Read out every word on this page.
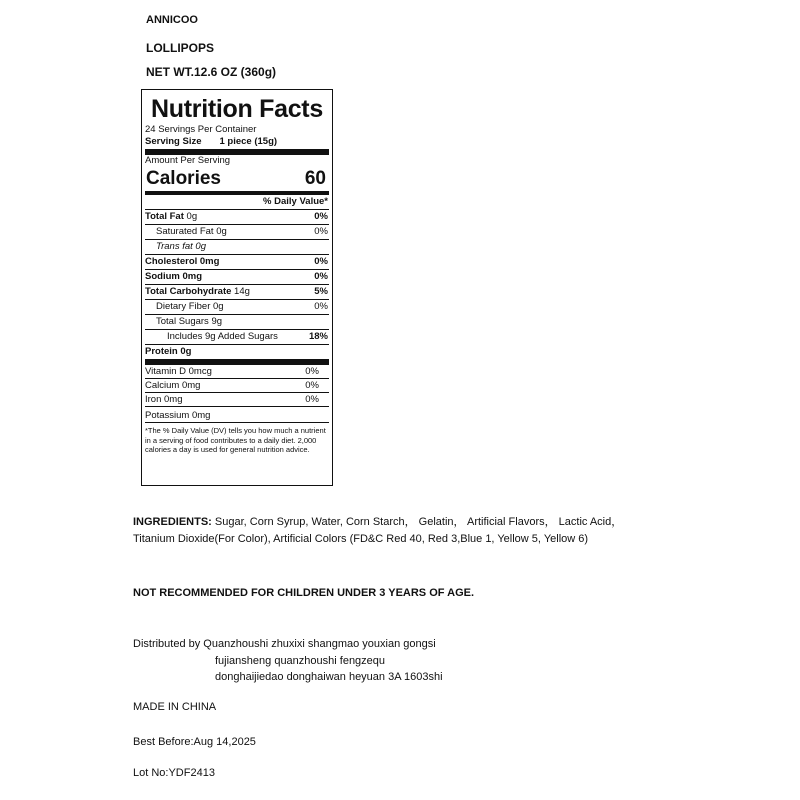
ANNICOO
LOLLIPOPS
NET WT.12.6 OZ (360g)
Nutrition Facts
24 Servings Per Container
Serving Size 1 piece (15g)
Amount Per Serving
Calories	60
% Daily Value*
Total Fat 0g	0%
Saturated Fat 0g	0%
Trans fat 0g
Cholesterol 0mg	0%
Sodium 0mg	0%
Total Carbohydrate 14g	5%
Dietary Fiber 0g	0%
Total Sugars 9g
Includes 9g Added Sugars	18%
Protein 0g
Vitamin D 0mcg	0%
Calcium 0mg	0%
Iron 0mg	0%
Potassium 0mg
*The % Daily Value (DV) tells you how much a nutrient in a serving of food contributes to a daily diet. 2,000 calories a day is used for general nutrition advice.
INGREDIENTS: Sugar, Corn Syrup, Water, Corn Starch， Gelatin， Artificial Flavors， Lactic Acid， Titanium Dioxide(For Color), Artificial Colors (FD&C Red 40, Red 3,Blue 1, Yellow 5, Yellow 6)
NOT RECOMMENDED FOR CHILDREN UNDER 3 YEARS OF AGE.
Distributed by Quanzhoushi zhuxixi shangmao youxian gongsi
fujiansheng quanzhoushi fengzequ
donghaijiedao donghaiwan heyuan 3A 1603shi
MADE IN CHINA
Best Before:Aug 14,2025
Lot No:YDF2413
